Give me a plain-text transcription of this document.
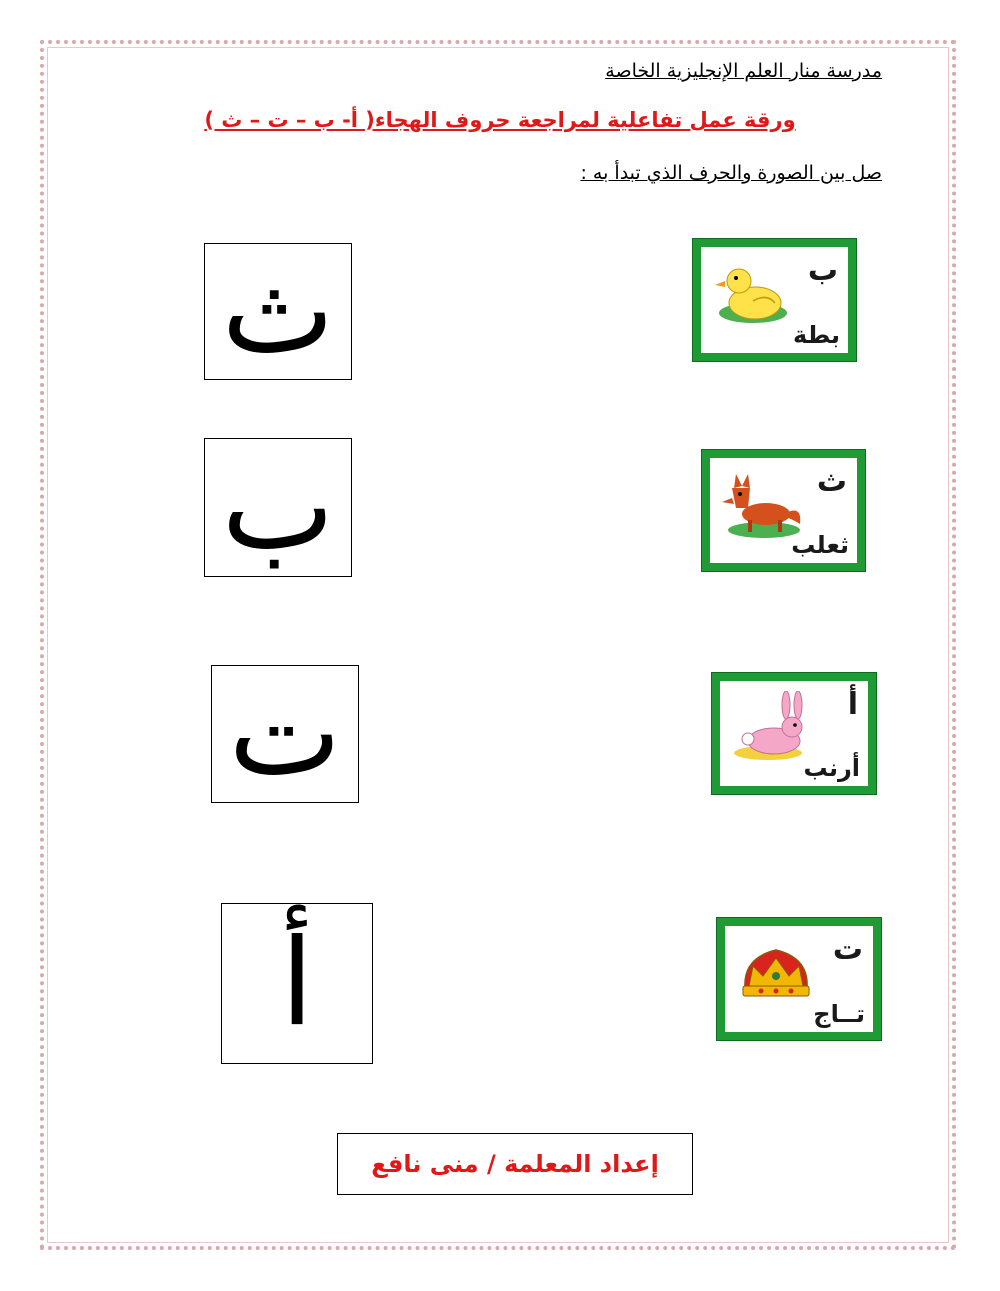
مدرسة منار العلم الإنجليزية الخاصة
ورقة عمل تفاعلية لمراجعة حروف الهجاء( أ- ب – ت – ث )
صل بين الصورة والحرف الذي تبدأ به :
ث
ب
ت
أ
ب
بطة
ث
ثعلب
أ
أرنب
ت
تــاج
إعداد المعلمة / منى نافع
